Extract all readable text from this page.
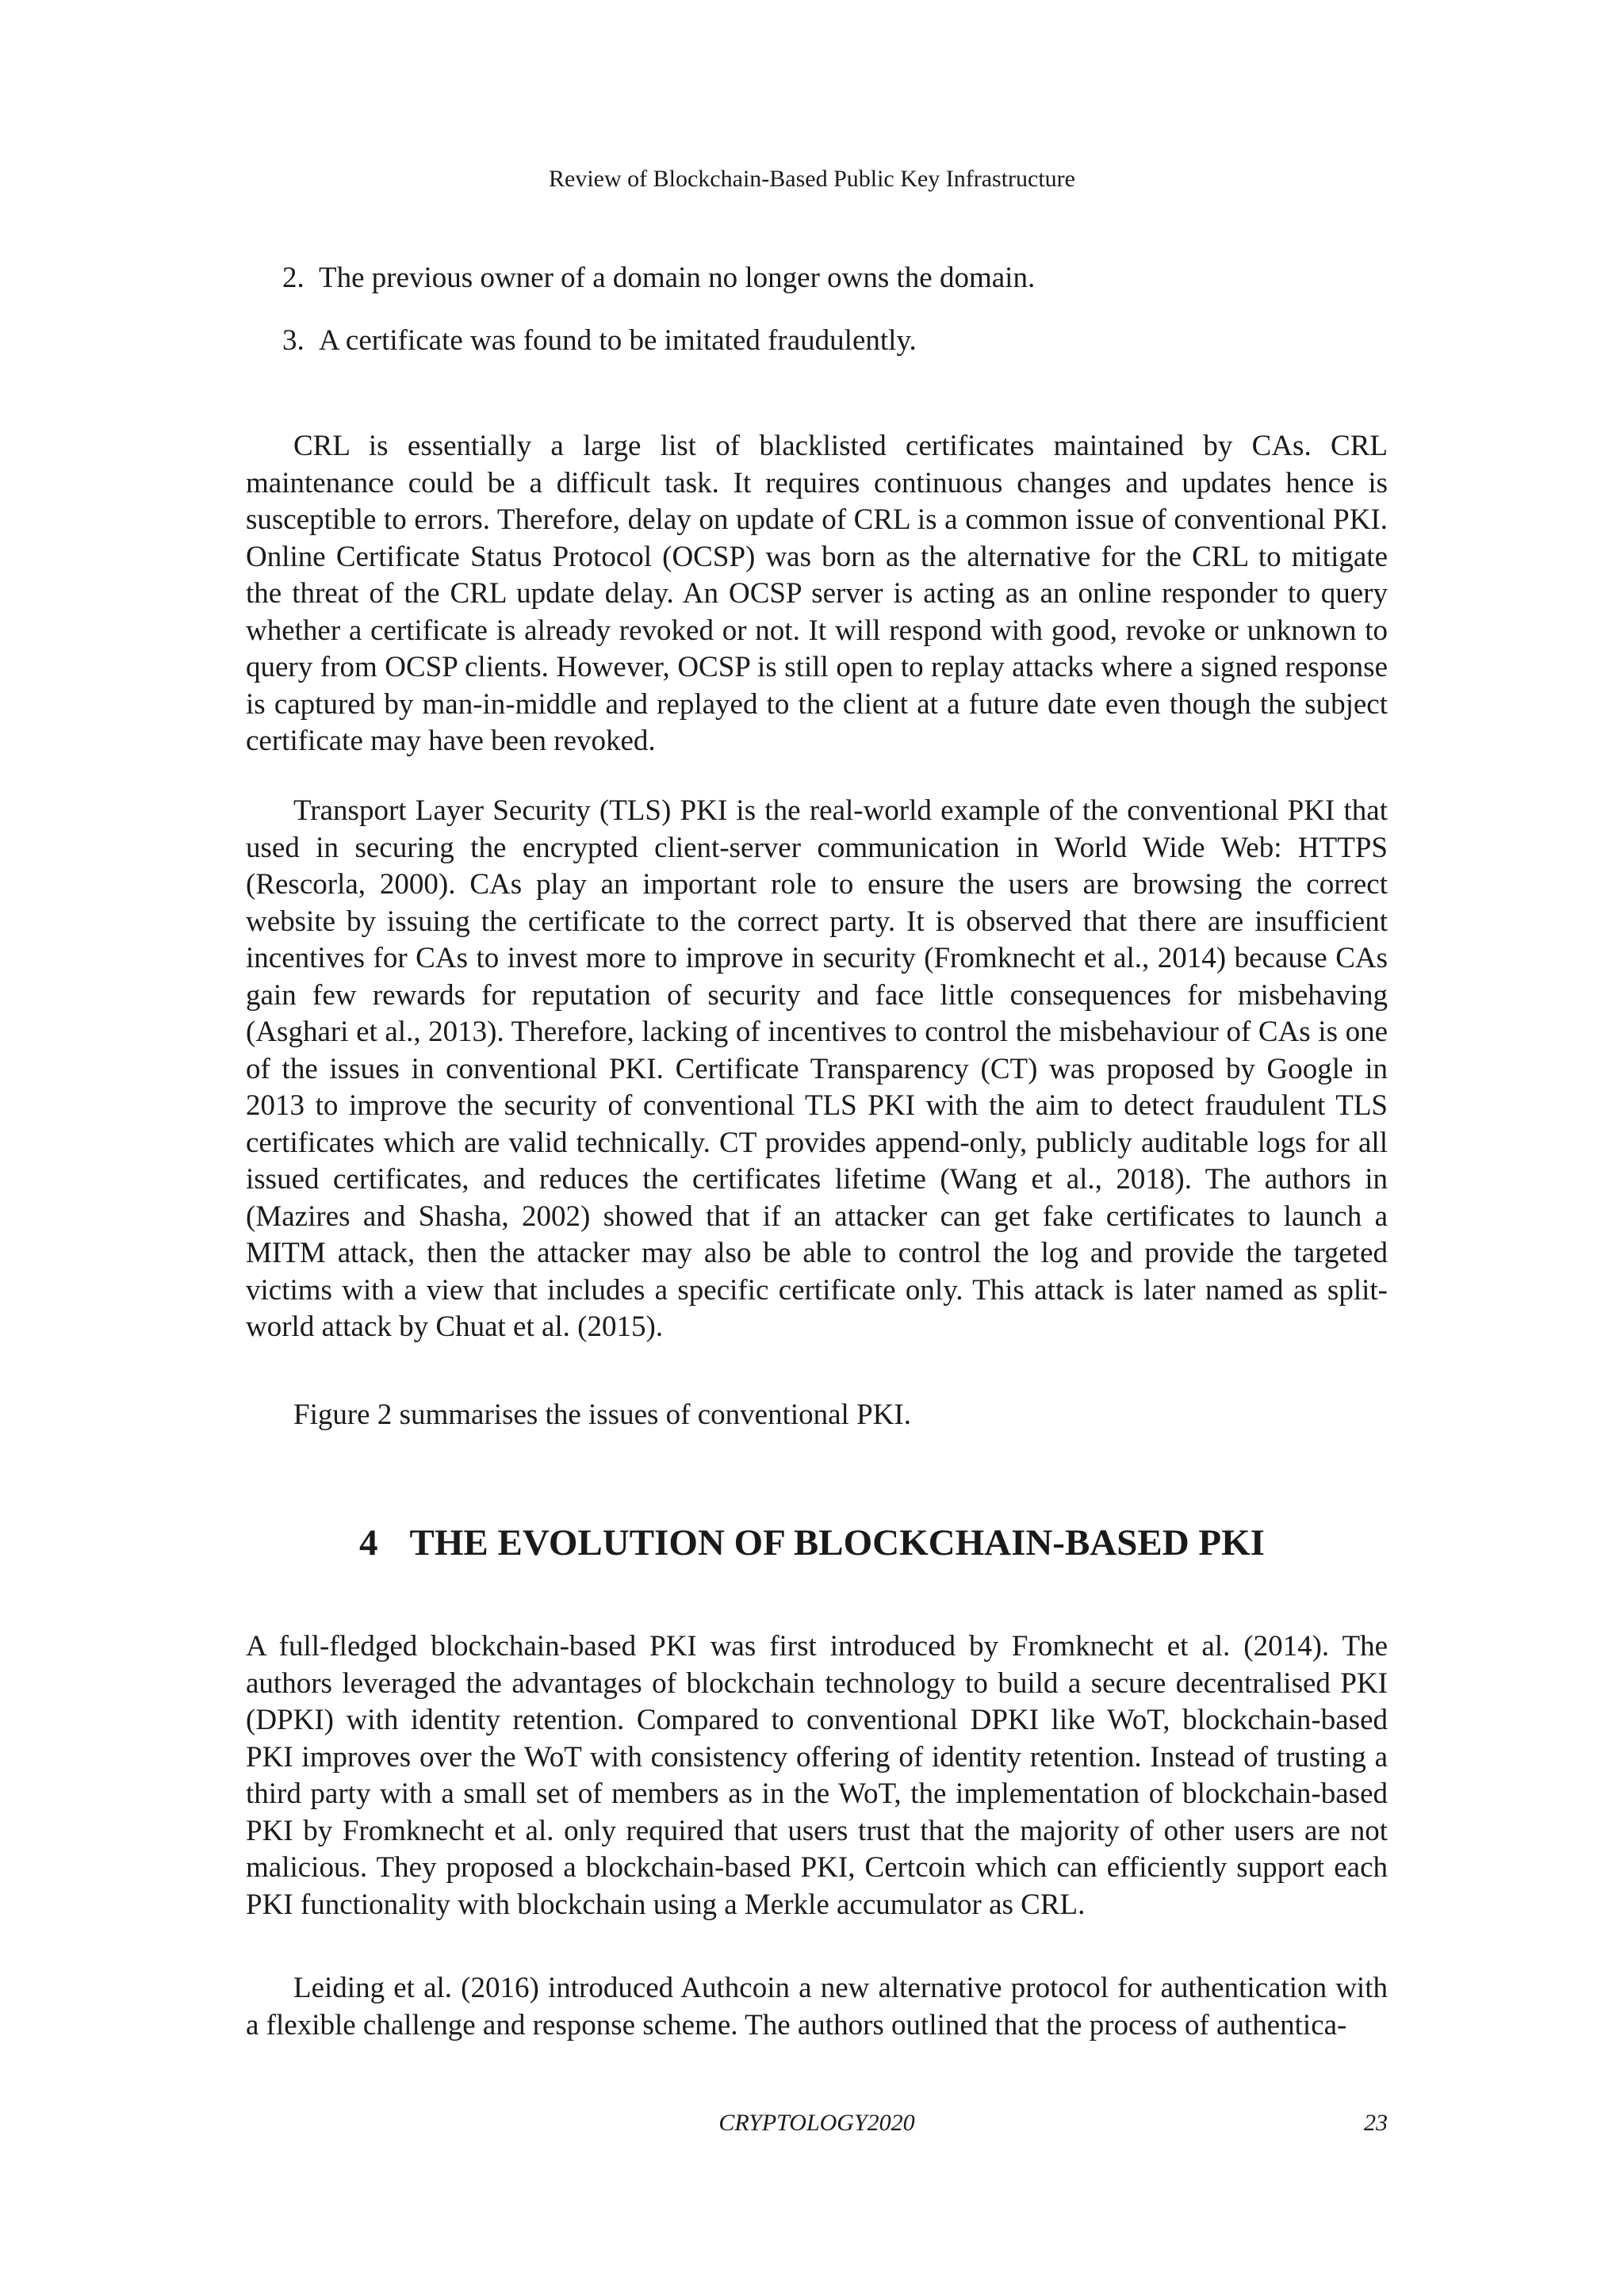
Review of Blockchain-Based Public Key Infrastructure
2. The previous owner of a domain no longer owns the domain.
3. A certificate was found to be imitated fraudulently.

CRL is essentially a large list of blacklisted certificates maintained by CAs. CRL maintenance could be a difficult task. It requires continuous changes and updates hence is susceptible to errors. Therefore, delay on update of CRL is a common issue of conventional PKI. Online Certificate Status Protocol (OCSP) was born as the alternative for the CRL to mitigate the threat of the CRL update delay. An OCSP server is acting as an online responder to query whether a certificate is already revoked or not. It will respond with good, revoke or unknown to query from OCSP clients. However, OCSP is still open to replay attacks where a signed response is captured by man-in-middle and replayed to the client at a future date even though the subject certificate may have been revoked.

Transport Layer Security (TLS) PKI is the real-world example of the conventional PKI that used in securing the encrypted client-server communication in World Wide Web: HTTPS (Rescorla, 2000). CAs play an important role to ensure the users are browsing the correct website by issuing the certificate to the correct party. It is observed that there are insufficient incentives for CAs to invest more to improve in security (Fromknecht et al., 2014) because CAs gain few rewards for reputation of security and face little consequences for misbehaving (Asghari et al., 2013). Therefore, lacking of incentives to control the misbehaviour of CAs is one of the issues in conventional PKI. Certificate Transparency (CT) was proposed by Google in 2013 to improve the security of conventional TLS PKI with the aim to detect fraudulent TLS certificates which are valid technically. CT provides append-only, publicly auditable logs for all issued certificates, and reduces the certificates lifetime (Wang et al., 2018). The authors in (Mazires and Shasha, 2002) showed that if an attacker can get fake certificates to launch a MITM attack, then the attacker may also be able to control the log and provide the targeted victims with a view that includes a specific certificate only. This attack is later named as split-world attack by Chuat et al. (2015).

Figure 2 summarises the issues of conventional PKI.

4 THE EVOLUTION OF BLOCKCHAIN-BASED PKI

A full-fledged blockchain-based PKI was first introduced by Fromknecht et al. (2014). The authors leveraged the advantages of blockchain technology to build a secure decentralised PKI (DPKI) with identity retention. Compared to conventional DPKI like WoT, blockchain-based PKI improves over the WoT with consistency offering of identity retention. Instead of trusting a third party with a small set of members as in the WoT, the implementation of blockchain-based PKI by Fromknecht et al. only required that users trust that the majority of other users are not malicious. They proposed a blockchain-based PKI, Certcoin which can efficiently support each PKI functionality with blockchain using a Merkle accumulator as CRL.

Leiding et al. (2016) introduced Authcoin a new alternative protocol for authentication with a flexible challenge and response scheme. The authors outlined that the process of authentica-

CRYPTOLOGY2020	23
